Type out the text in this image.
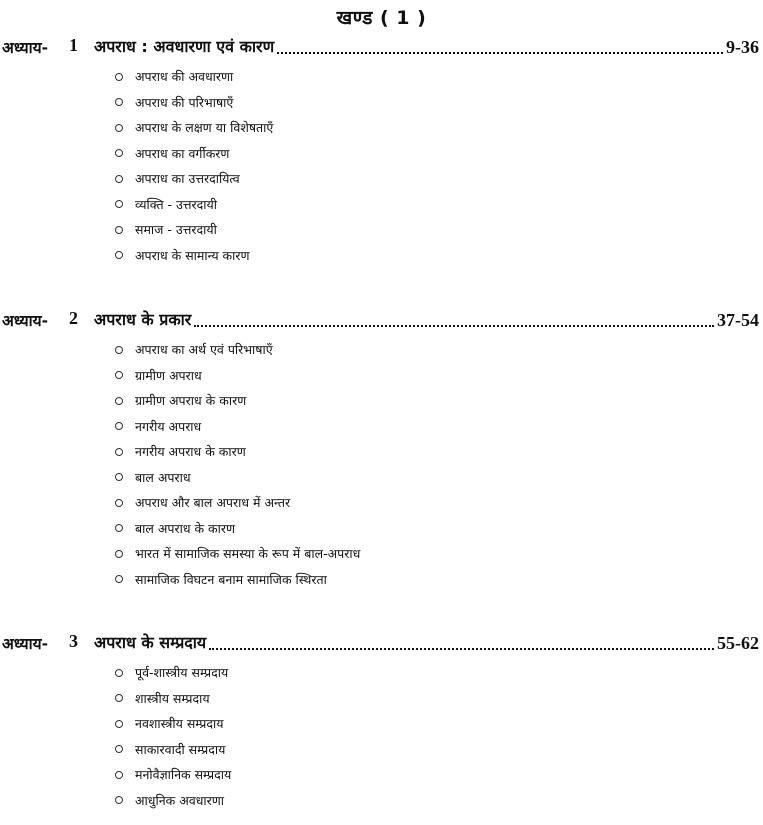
खण्ड ( 1 )
अध्याय- 1 अपराध : अवधारणा एवं कारण	9-36
अपराध की अवधारणा
अपराध की परिभाषाएँ
अपराध के लक्षण या विशेषताएँ
अपराध का वर्गीकरण
अपराध का उत्तरदायित्व
व्यक्ति - उत्तरदायी
समाज - उत्तरदायी
अपराध के सामान्य कारण
अध्याय- 2 अपराध के प्रकार	37-54
अपराध का अर्थ एवं परिभाषाएँ
ग्रामीण अपराध
ग्रामीण अपराध के कारण
नगरीय अपराध
नगरीय अपराध के कारण
बाल अपराध
अपराध और बाल अपराध में अन्तर
बाल अपराध के कारण
भारत में सामाजिक समस्या के रूप में बाल-अपराध
सामाजिक विघटन बनाम सामाजिक स्थिरता
अध्याय- 3 अपराध के सम्प्रदाय	55-62
पूर्व-शास्त्रीय सम्प्रदाय
शास्त्रीय सम्प्रदाय
नवशास्त्रीय सम्प्रदाय
साकारवादी सम्प्रदाय
मनोवैज्ञानिक सम्प्रदाय
आधुनिक अवधारणा
